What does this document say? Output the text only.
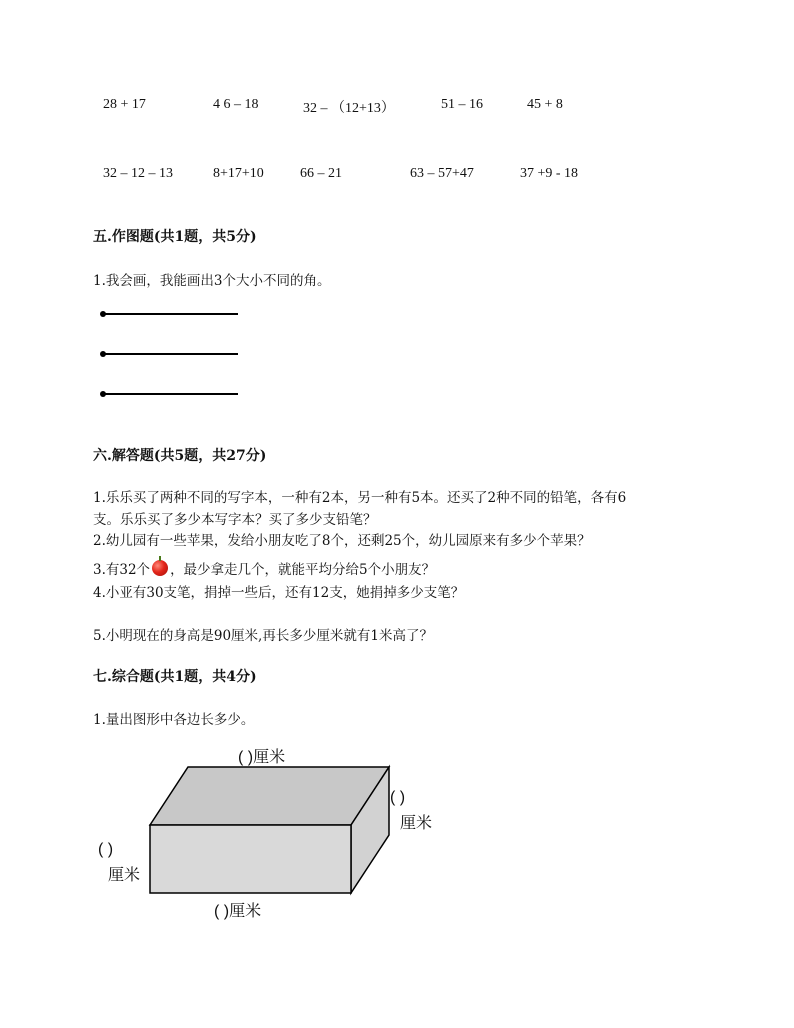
28 + 17	4 6 – 18	32 – （12+13）	51 – 16	45 + 8
32 – 12 – 13	8+17+10	66 – 21	63 – 57+47	37 +9 - 18
五.作图题(共1题，共5分)
1.我会画，我能画出3个大小不同的角。
六.解答题(共5题，共27分)
1.乐乐买了两种不同的写字本，一种有2本，另一种有5本。还买了2种不同的铅笔，各有6
支。乐乐买了多少本写字本？买了多少支铅笔？
2.幼儿园有一些苹果，发给小朋友吃了8个，还剩25个，幼儿园原来有多少个苹果？
3.有32个 ，最少拿走几个，就能平均分给5个小朋友？
4.小亚有30支笔，捐掉一些后，还有12支，她捐掉多少支笔？
5.小明现在的身高是90厘米,再长多少厘米就有1米高了？
七.综合题(共1题，共4分)
1.量出图形中各边长多少。
( )厘米
( )
厘米
( )
厘米
( )厘米
